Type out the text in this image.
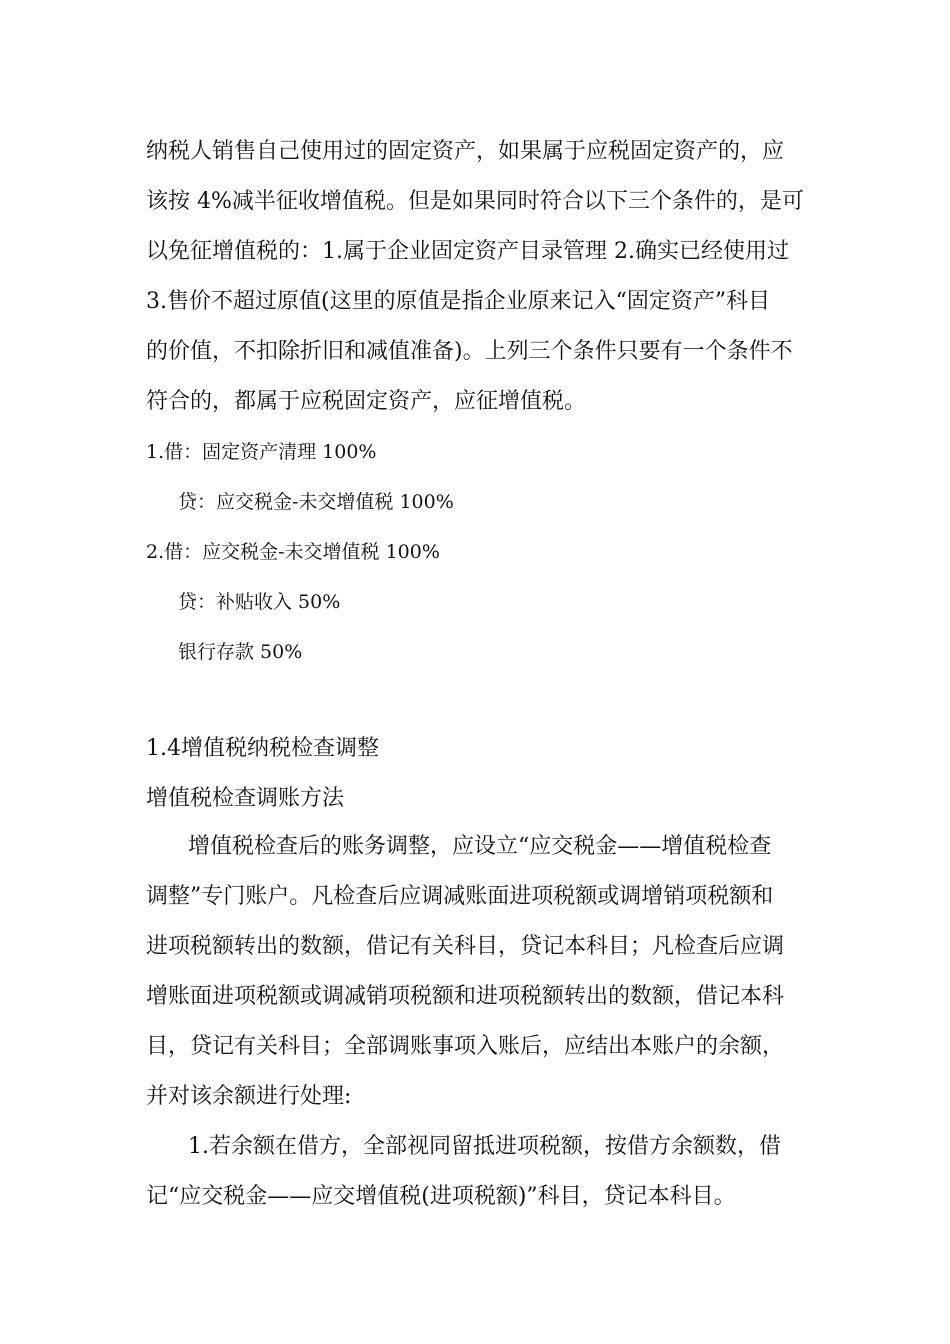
纳税人销售自己使用过的固定资产，如果属于应税固定资产的，应
该按 4%减半征收增值税。但是如果同时符合以下三个条件的，是可
以免征增值税的：1.属于企业固定资产目录管理 2.确实已经使用过
3.售价不超过原值(这里的原值是指企业原来记入“固定资产”科目
的价值，不扣除折旧和减值准备)。上列三个条件只要有一个条件不
符合的，都属于应税固定资产，应征增值税。
1.借：固定资产清理 100%
贷：应交税金-未交增值税 100%
2.借：应交税金-未交增值税 100%
贷：补贴收入 50%
银行存款 50%
1.4增值税纳税检查调整
增值税检查调账方法
增值税检查后的账务调整，应设立“应交税金——增值税检查
调整”专门账户。凡检查后应调减账面进项税额或调增销项税额和
进项税额转出的数额，借记有关科目，贷记本科目；凡检查后应调
增账面进项税额或调减销项税额和进项税额转出的数额，借记本科
目，贷记有关科目；全部调账事项入账后，应结出本账户的余额，
并对该余额进行处理:
1.若余额在借方，全部视同留抵进项税额，按借方余额数，借
记“应交税金——应交增值税(进项税额)”科目，贷记本科目。
